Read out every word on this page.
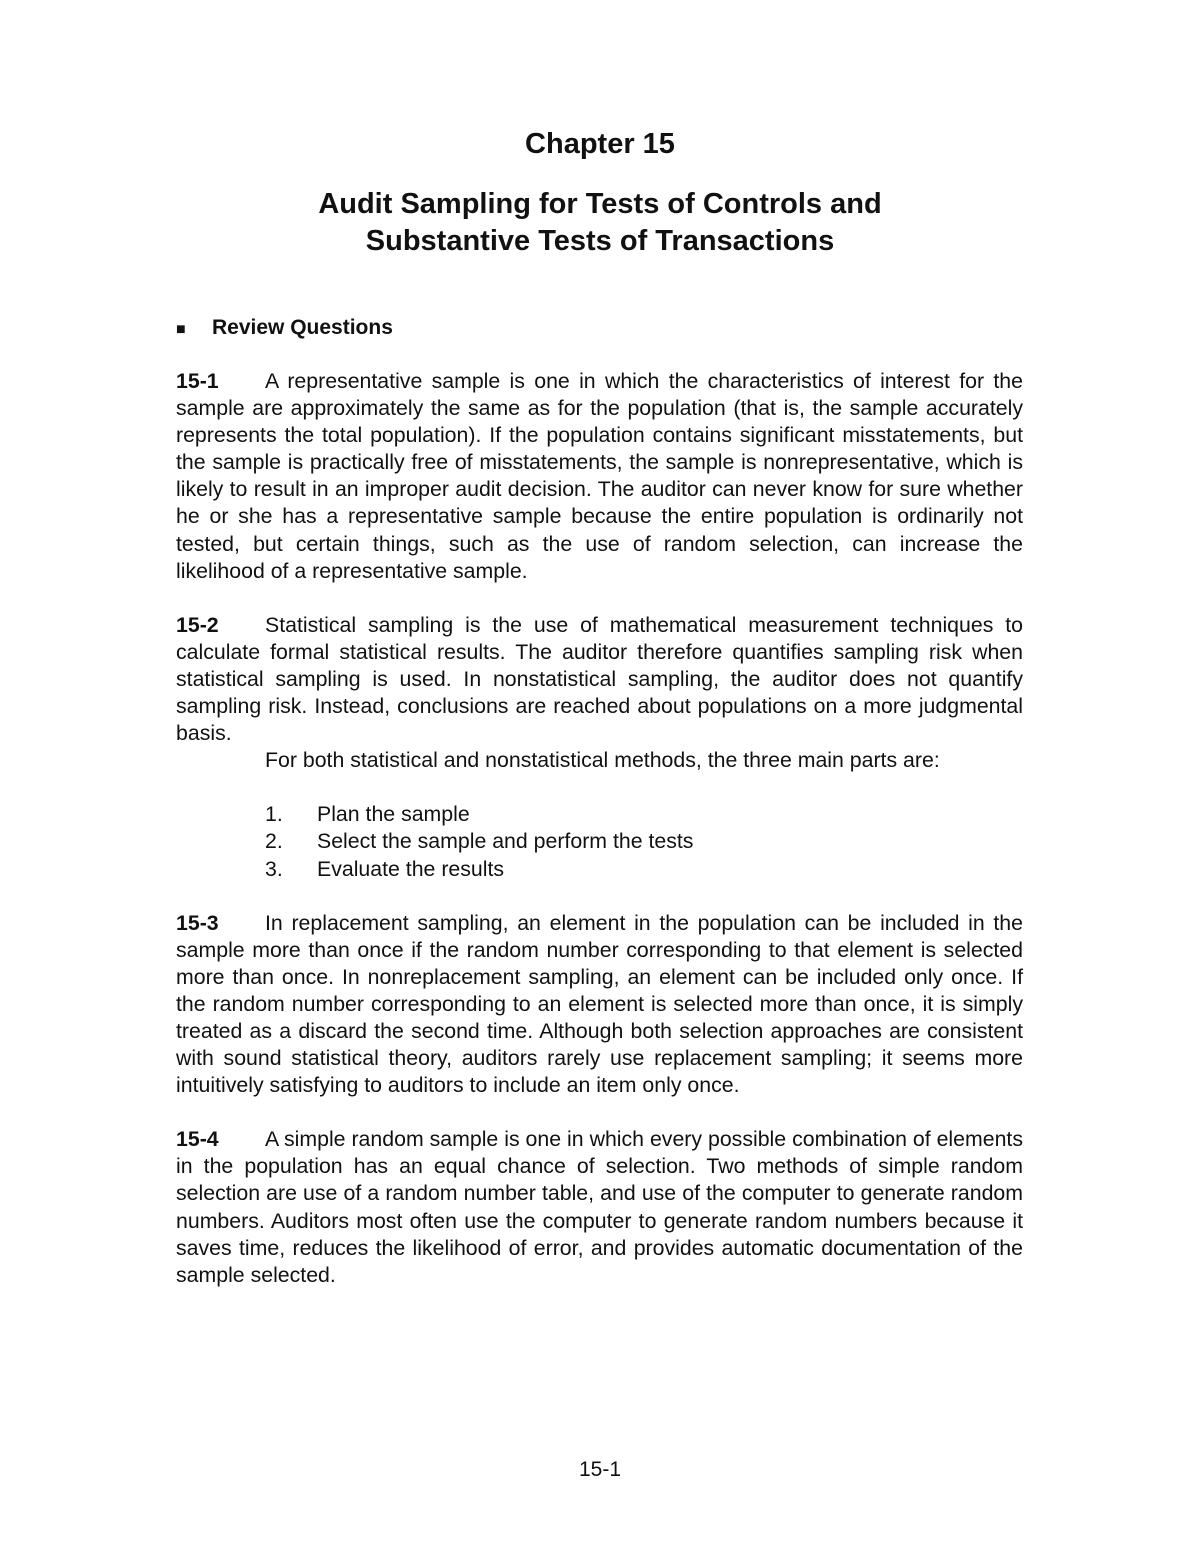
Chapter 15
Audit Sampling for Tests of Controls and
Substantive Tests of Transactions
■ Review Questions

15-1 A representative sample is one in which the characteristics of interest for the sample are approximately the same as for the population (that is, the sample accurately represents the total population). If the population contains significant misstatements, but the sample is practically free of misstatements, the sample is nonrepresentative, which is likely to result in an improper audit decision. The auditor can never know for sure whether he or she has a representative sample because the entire population is ordinarily not tested, but certain things, such as the use of random selection, can increase the likelihood of a representative sample.

15-2 Statistical sampling is the use of mathematical measurement techniques to calculate formal statistical results. The auditor therefore quantifies sampling risk when statistical sampling is used. In nonstatistical sampling, the auditor does not quantify sampling risk. Instead, conclusions are reached about populations on a more judgmental basis.

For both statistical and nonstatistical methods, the three main parts are:

1.	Plan the sample
2.	Select the sample and perform the tests
3.	Evaluate the results

15-3 In replacement sampling, an element in the population can be included in the sample more than once if the random number corresponding to that element is selected more than once. In nonreplacement sampling, an element can be included only once. If the random number corresponding to an element is selected more than once, it is simply treated as a discard the second time. Although both selection approaches are consistent with sound statistical theory, auditors rarely use replacement sampling; it seems more intuitively satisfying to auditors to include an item only once.

15-4 A simple random sample is one in which every possible combination of elements in the population has an equal chance of selection. Two methods of simple random selection are use of a random number table, and use of the computer to generate random numbers. Auditors most often use the computer to generate random numbers because it saves time, reduces the likelihood of error, and provides automatic documentation of the sample selected.

15-1
